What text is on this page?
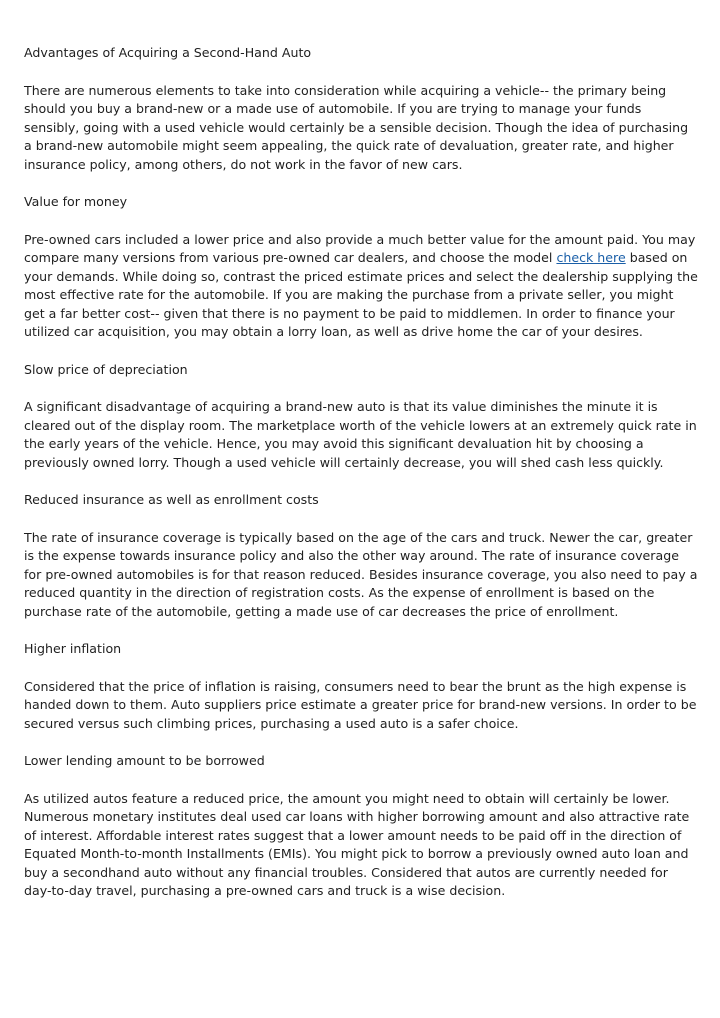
Advantages of Acquiring a Second-Hand Auto

There are numerous elements to take into consideration while acquiring a vehicle-- the primary being should you buy a brand-new or a made use of automobile. If you are trying to manage your funds sensibly, going with a used vehicle would certainly be a sensible decision. Though the idea of purchasing a brand-new automobile might seem appealing, the quick rate of devaluation, greater rate, and higher insurance policy, among others, do not work in the favor of new cars.

Value for money

Pre-owned cars included a lower price and also provide a much better value for the amount paid. You may compare many versions from various pre-owned car dealers, and choose the model check here based on your demands. While doing so, contrast the priced estimate prices and select the dealership supplying the most effective rate for the automobile. If you are making the purchase from a private seller, you might get a far better cost-- given that there is no payment to be paid to middlemen. In order to finance your utilized car acquisition, you may obtain a lorry loan, as well as drive home the car of your desires.

Slow price of depreciation

A significant disadvantage of acquiring a brand-new auto is that its value diminishes the minute it is cleared out of the display room. The marketplace worth of the vehicle lowers at an extremely quick rate in the early years of the vehicle. Hence, you may avoid this significant devaluation hit by choosing a previously owned lorry. Though a used vehicle will certainly decrease, you will shed cash less quickly.

Reduced insurance as well as enrollment costs

The rate of insurance coverage is typically based on the age of the cars and truck. Newer the car, greater is the expense towards insurance policy and also the other way around. The rate of insurance coverage for pre-owned automobiles is for that reason reduced. Besides insurance coverage, you also need to pay a reduced quantity in the direction of registration costs. As the expense of enrollment is based on the purchase rate of the automobile, getting a made use of car decreases the price of enrollment.

Higher inflation

Considered that the price of inflation is raising, consumers need to bear the brunt as the high expense is handed down to them. Auto suppliers price estimate a greater price for brand-new versions. In order to be secured versus such climbing prices, purchasing a used auto is a safer choice.

Lower lending amount to be borrowed

As utilized autos feature a reduced price, the amount you might need to obtain will certainly be lower. Numerous monetary institutes deal used car loans with higher borrowing amount and also attractive rate of interest. Affordable interest rates suggest that a lower amount needs to be paid off in the direction of Equated Month-to-month Installments (EMIs). You might pick to borrow a previously owned auto loan and buy a secondhand auto without any financial troubles. Considered that autos are currently needed for day-to-day travel, purchasing a pre-owned cars and truck is a wise decision.
